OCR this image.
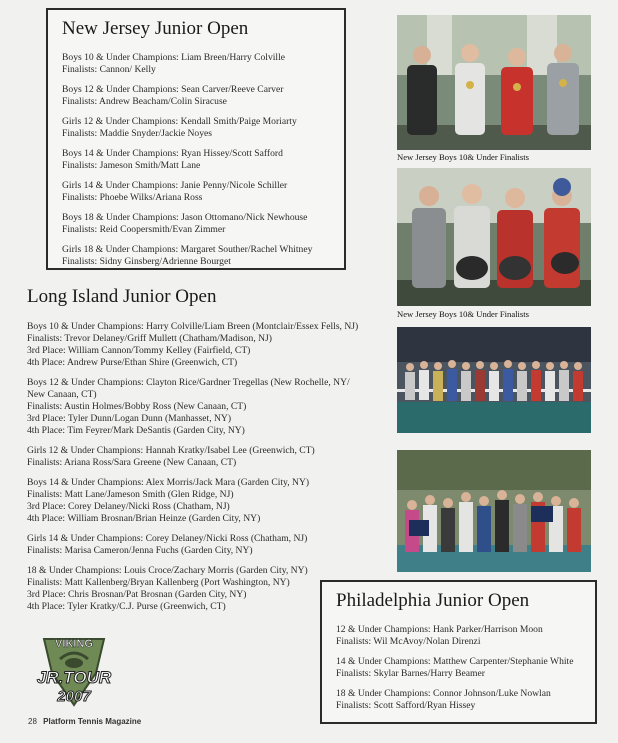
New Jersey Junior Open
Boys 10 & Under Champions: Liam Breen/Harry Colville
Finalists: Cannon/ Kelly
Boys 12 & Under Champions: Sean Carver/Reeve Carver
Finalists: Andrew Beacham/Colin Siracuse
Girls 12 & Under Champions: Kendall Smith/Paige Moriarty
Finalists: Maddie Snyder/Jackie Noyes
Boys 14 & Under Champions: Ryan Hissey/Scott Safford
Finalists: Jameson Smith/Matt Lane
Girls 14 & Under Champions: Janie Penny/Nicole Schiller
Finalists: Phoebe Wilks/Ariana Ross
Boys 18 & Under Champions: Jason Ottomano/Nick Newhouse
Finalists: Reid Coopersmith/Evan Zimmer
Girls 18 & Under Champions: Margaret Souther/Rachel Whitney
Finalists: Sidny Ginsberg/Adrienne Bourget
Long Island Junior Open
Boys 10 & Under Champions: Harry Colville/Liam Breen (Montclair/Essex Fells, NJ)
Finalists: Trevor Delaney/Griff Mullett (Chatham/Madison, NJ)
3rd Place: William Cannon/Tommy Kelley (Fairfield, CT)
4th Place: Andrew Purse/Ethan Shire (Greenwich, CT)
Boys 12 & Under Champions: Clayton Rice/Gardner Tregellas (New Rochelle, NY/
New Canaan, CT)
Finalists: Austin Holmes/Bobby Ross (New Canaan, CT)
3rd Place: Tyler Dunn/Logan Dunn (Manhasset, NY)
4th Place: Tim Feyrer/Mark DeSantis (Garden City, NY)
Girls 12 & Under Champions: Hannah Kratky/Isabel Lee (Greenwich, CT)
Finalists: Ariana Ross/Sara Greene (New Canaan, CT)
Boys 14 & Under Champions: Alex Morris/Jack Mara (Garden City, NY)
Finalists: Matt Lane/Jameson Smith (Glen Ridge, NJ)
3rd Place: Corey Delaney/Nicki Ross (Chatham, NJ)
4th Place: William Brosnan/Brian Heinze (Garden City, NY)
Girls 14 & Under Champions: Corey Delaney/Nicki Ross (Chatham, NJ)
Finalists: Marisa Cameron/Jenna Fuchs (Garden City, NY)
18 & Under Champions: Louis Croce/Zachary Morris (Garden City, NY)
Finalists: Matt Kallenberg/Bryan Kallenberg (Port Washington, NY)
3rd Place: Chris Brosnan/Pat Brosnan (Garden City, NY)
4th Place: Tyler Kratky/C.J. Purse (Greenwich, CT)
New Jersey Boys 10& Under Finalists
New Jersey Boys 10& Under Finalists
Philadelphia Junior Open
12 & Under Champions: Hank Parker/Harrison Moon
Finalists: Wil McAvoy/Nolan Direnzi
14 & Under Champions: Matthew Carpenter/Stephanie White
Finalists: Skylar Barnes/Harry Beamer
18 & Under Champions: Connor Johnson/Luke Nowlan
Finalists: Scott Safford/Ryan Hissey
VIKING
JR.TOUR
2007
28 Platform Tennis Magazine
